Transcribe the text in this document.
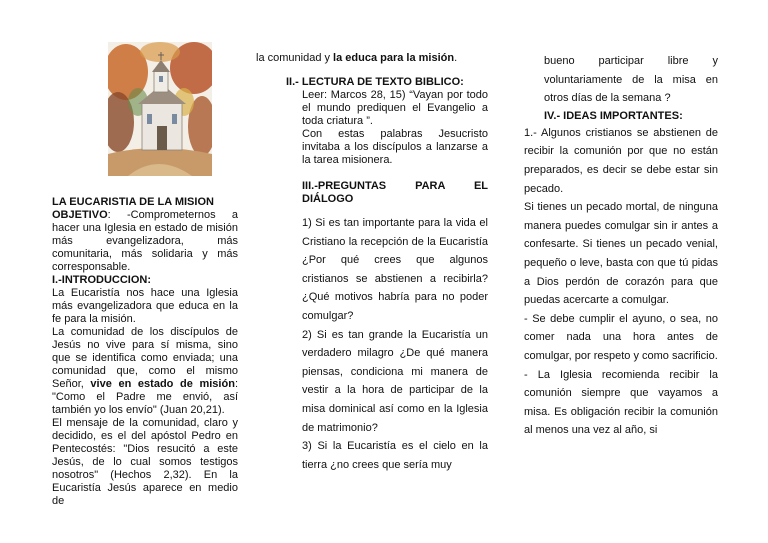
LA EUCARISTIA DE LA MISION
OBJETIVO: -Comprometernos a hacer una Iglesia en estado de misión más evangelizadora, más comunitaria, más solidaria y más corresponsable.
I.-INTRODUCCION:
La Eucaristía nos hace una Iglesia más evangelizadora que educa en la fe para la misión.
La comunidad de los discípulos de Jesús no vive para sí misma, sino que se identifica como enviada; una comunidad que, como el mismo Señor, vive en estado de misión: "Como el Padre me envió, así también yo los envío" (Juan 20,21).
El mensaje de la comunidad, claro y decidido, es el del apóstol Pedro en Pentecostés: "Dios resucitó a este Jesús, de lo cual somos testigos nosotros" (Hechos 2,32). En la Eucaristía Jesús aparece en medio de
la comunidad y la educa para la misión.
II.- LECTURA DE TEXTO BIBLICO:
Leer: Marcos 28, 15) “Vayan por todo el mundo prediquen el Evangelio a toda criatura ”.
Con estas palabras Jesucristo invitaba a los discípulos a lanzarse a la tarea misionera.
III.-PREGUNTAS PARA EL DIÁLOGO
1) Si es tan importante para la vida el Cristiano la recepción de la Eucaristía ¿Por qué crees que algunos cristianos se abstienen a recibirla?¿Qué motivos habría para no poder comulgar?
2) Si es tan grande la Eucaristía un verdadero milagro ¿De qué manera piensas, condiciona mi manera de vestir a la hora de participar de la misa dominical así como en la Iglesia de matrimonio?
3) Si la Eucaristía es el cielo en la tierra ¿no crees que sería muy
bueno participar libre y voluntariamente de la misa en otros días de la semana ?
IV.- IDEAS IMPORTANTES:
1.- Algunos cristianos se abstienen de recibir la comunión por que no están preparados, es decir se debe estar sin pecado.
Si tienes un pecado mortal, de ninguna manera puedes comulgar sin ir antes a confesarte. Si tienes un pecado venial, pequeño o leve, basta con que tú pidas a Dios perdón de corazón para que puedas acercarte a comulgar.
- Se debe cumplir el ayuno, o sea, no comer nada una hora antes de comulgar, por respeto y como sacrificio.
- La Iglesia recomienda recibir la comunión siempre que vayamos a misa. Es obligación recibir la comunión al menos una vez al año, si
